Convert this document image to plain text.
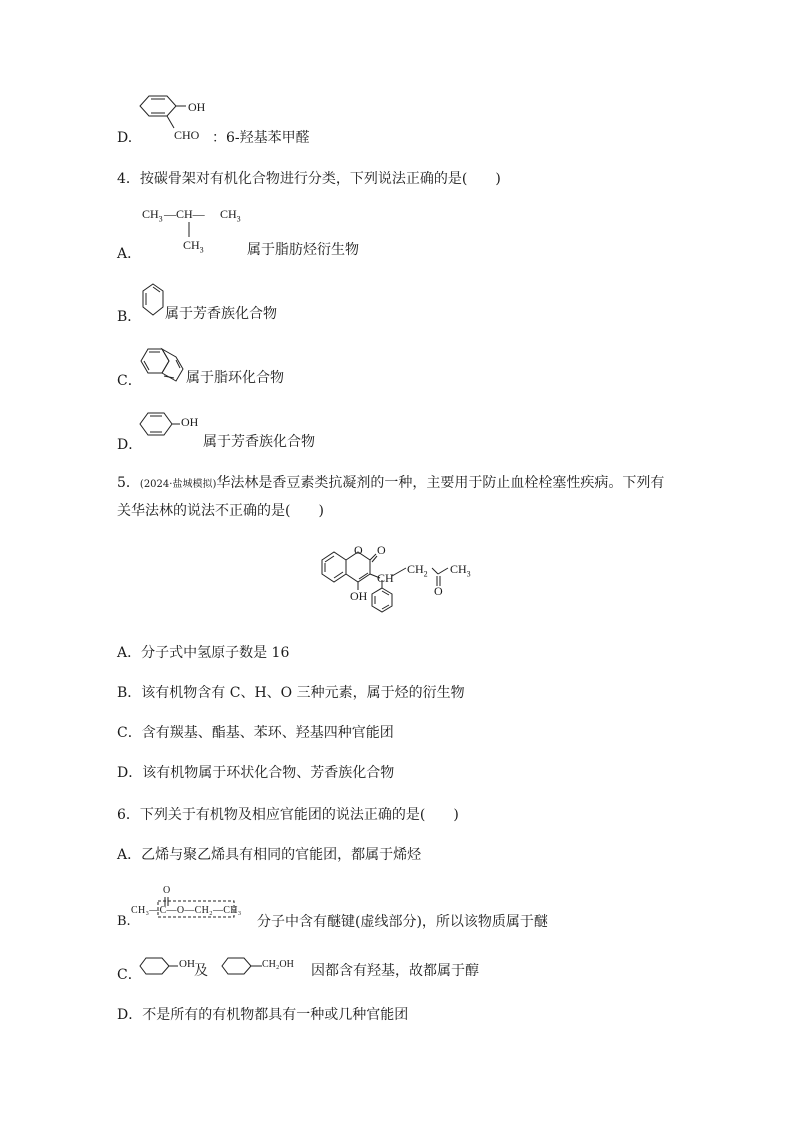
OH
CHO
D.	：6-羟基苯甲醛
4．按碳骨架对有机化合物进行分类，下列说法正确的是(　　)
$CH_3$ —CH— $CH_3$
$CH_3$
A．	属于脂肪烃衍生物
B． 属于芳香族化合物
C．	属于脂环化合物
OH
D．	属于芳香族化合物
5．(2024·盐城模拟)华法林是香豆素类抗凝剂的一种，主要用于防止血栓栓塞性疾病。下列有
关华法林的说法不正确的是(　　)
O O
OH
CH
$CH_2$ $CH_3$
O
A．分子式中氢原子数是 16
B．该有机物含有 C、H、O 三种元素，属于烃的衍生物
C．含有羰基、酯基、苯环、羟基四种官能团
D．该有机物属于环状化合物、芳香族化合物
6．下列关于有机物及相应官能团的说法正确的是(　　)
A．乙烯与聚乙烯具有相同的官能团，都属于烯烃
B.
O
CH₃—C—O—CH₂—CH₃
分子中含有醚键(虚线部分)，所以该物质属于醚
C．
OH 及	CH₂OH 因都含有羟基，故都属于醇
D．不是所有的有机物都具有一种或几种官能团
